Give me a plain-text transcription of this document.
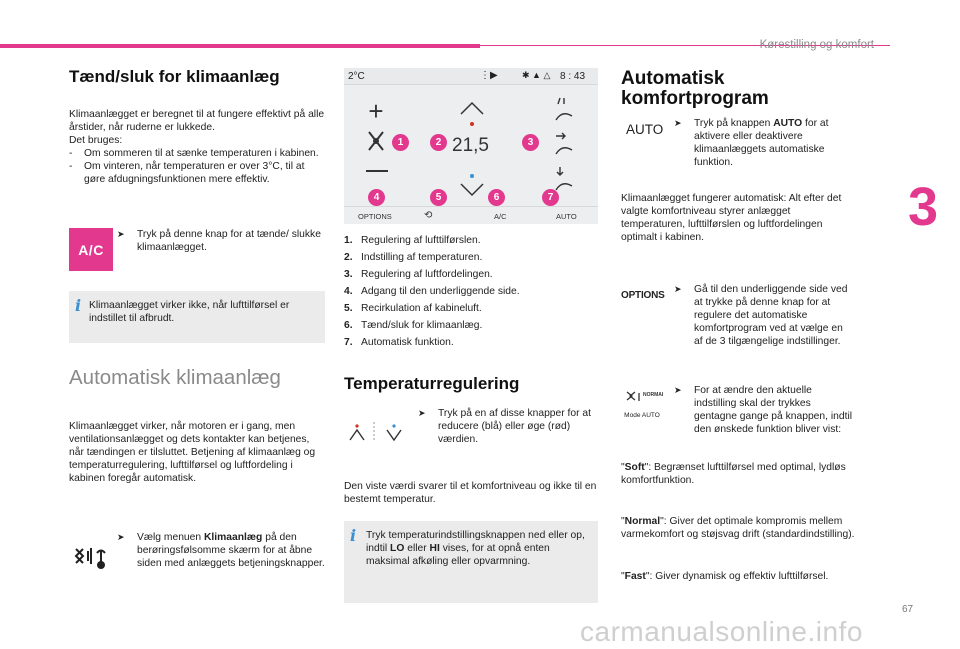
Kørestilling og komfort
3
Tænd/sluk for klimaanlæg
Klimaanlægget er beregnet til at fungere effektivt på alle årstider, når ruderne er lukkede.
Det bruges:
-	Om sommeren til at sænke temperaturen i kabinen.
-	Om vinteren, når temperaturen er over 3°C, til at gøre afdugningsfunktionen mere effektiv.
A/C
➤	Tryk på denne knap for at tænde/ slukke klimaanlægget.
i Klimaanlægget virker ikke, når lufttilførsel er indstillet til afbrudt.
Automatisk klimaanlæg
Klimaanlægget virker, når motoren er i gang, men ventilationsanlægget og dets kontakter kan betjenes, når tændingen er tilsluttet. Betjening af klimaanlæg og temperaturregulering, lufttilførsel og luftfordeling i kabinen foregår automatisk.
➤	Vælg menuen Klimaanlæg på den berøringsfølsomme skærm for at åbne siden med anlæggets betjeningsknapper.
2°C	⋮▶	✱ ▲ △ 8 : 43
+
21,5
OPTIONS	⟲	A/C	AUTO
1	2	3
4	5	6	7
1. Regulering af lufttilførslen.
2. Indstilling af temperaturen.
3. Regulering af luftfordelingen.
4. Adgang til den underliggende side.
5. Recirkulation af kabineluft.
6. Tænd/sluk for klimaanlæg.
7. Automatisk funktion.
Temperaturregulering
➤	Tryk på en af disse knapper for at reducere (blå) eller øge (rød) værdien.
Den viste værdi svarer til et komfortniveau og ikke til en bestemt temperatur.
i Tryk temperaturindstillingsknappen ned eller op, indtil LO eller HI vises, for at opnå enten maksimal afkøling eller opvarmning.
Automatisk komfortprogram
AUTO ➤	Tryk på knappen AUTO for at aktivere eller deaktivere klimaanlæggets automatiske funktion.
Klimaanlægget fungerer automatisk: Alt efter det valgte komfortniveau styrer anlægget temperaturen, lufttilførslen og luftfordelingen optimalt i kabinen.
OPTIONS
➤	Gå til den underliggende side ved at trykke på denne knap for at regulere det automatiske komfortprogram ved at vælge en af de 3 tilgængelige indstillinger.
NORMAL
Mode AUTO
➤	For at ændre den aktuelle indstilling skal der trykkes gentagne gange på knappen, indtil den ønskede funktion bliver vist:
"Soft": Begrænset lufttilførsel med optimal, lydløs komfortfunktion.
"Normal": Giver det optimale kompromis mellem varmekomfort og støjsvag drift (standardindstilling).
"Fast": Giver dynamisk og effektiv lufttilførsel.
67
carmanualsonline.info
